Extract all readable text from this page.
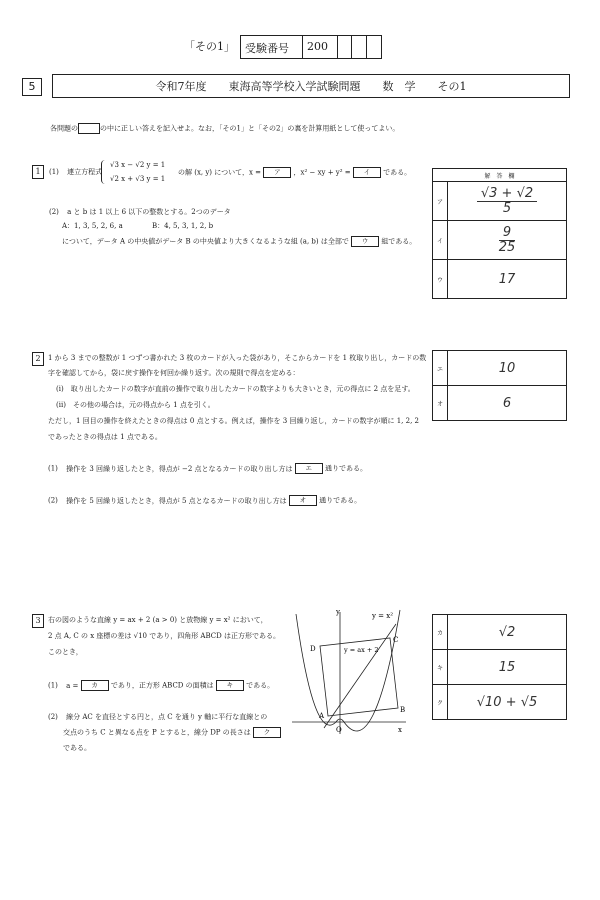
「その1」 受験番号 200
5	令和7年度　　東海高等学校入学試験問題　　数　学　　その1
各問題の	の中に正しい答えを記入せよ。なお，「その1」と「その2」の裏を計算用紙として使ってよい。
1	(1) 連立方程式
√3 x − √2 y = 1
√2 x + √3 y = 1
の解 (x, y) について，x = ア ，x² − xy + y² = イ である。
(2) a と b は 1 以上 6 以下の整数とする。2つのデータ
A：1, 3, 5, 2, 6, a	B：4, 5, 3, 1, 2, b
について，データ A の中央値がデータ B の中央値より大きくなるような組 (a, b) は全部で ウ 組である。
解　答　欄	
ア	$\frac{√3 + √2}{5}$

イ	$\frac{9}{25}$

ウ	17
2	1 から 3 までの整数が 1 つずつ書かれた 3 枚のカードが入った袋があり，そこからカードを 1 枚取り出し，カードの数
字を確認してから，袋に戻す操作を何回か繰り返す。次の規則で得点を定める：
(i)　取り出したカードの数字が直前の操作で取り出したカードの数字よりも大きいとき，元の得点に 2 点を足す。
(ii)　その他の場合は，元の得点から 1 点を引く。
ただし，1 回目の操作を終えたときの得点は 0 点とする。例えば，操作を 3 回繰り返し，カードの数字が順に 1, 2, 2
であったときの得点は 1 点である。
(1) 操作を 3 回繰り返したとき，得点が −2 点となるカードの取り出し方は エ 通りである。
(2) 操作を 5 回繰り返したとき，得点が 5 点となるカードの取り出し方は オ 通りである。
エ	10
オ	6
3	右の図のような直線 y = ax + 2 (a > 0) と放物線 y = x² において，
2 点 A, C の x 座標の差は √10 であり，四角形 ABCD は正方形である。
このとき，
(1) a = カ であり，正方形 ABCD の面積は キ である。
(2) 線分 AC を直径とする円と，点 C を通り y 軸に平行な直線との
交点のうち C と異なる点を P とすると，線分 DP の長さは ク
である。
y = x²
y = ax + 2
y
x
O
A
B
C
D
カ	√2
キ	15
ク	√10 + √5
